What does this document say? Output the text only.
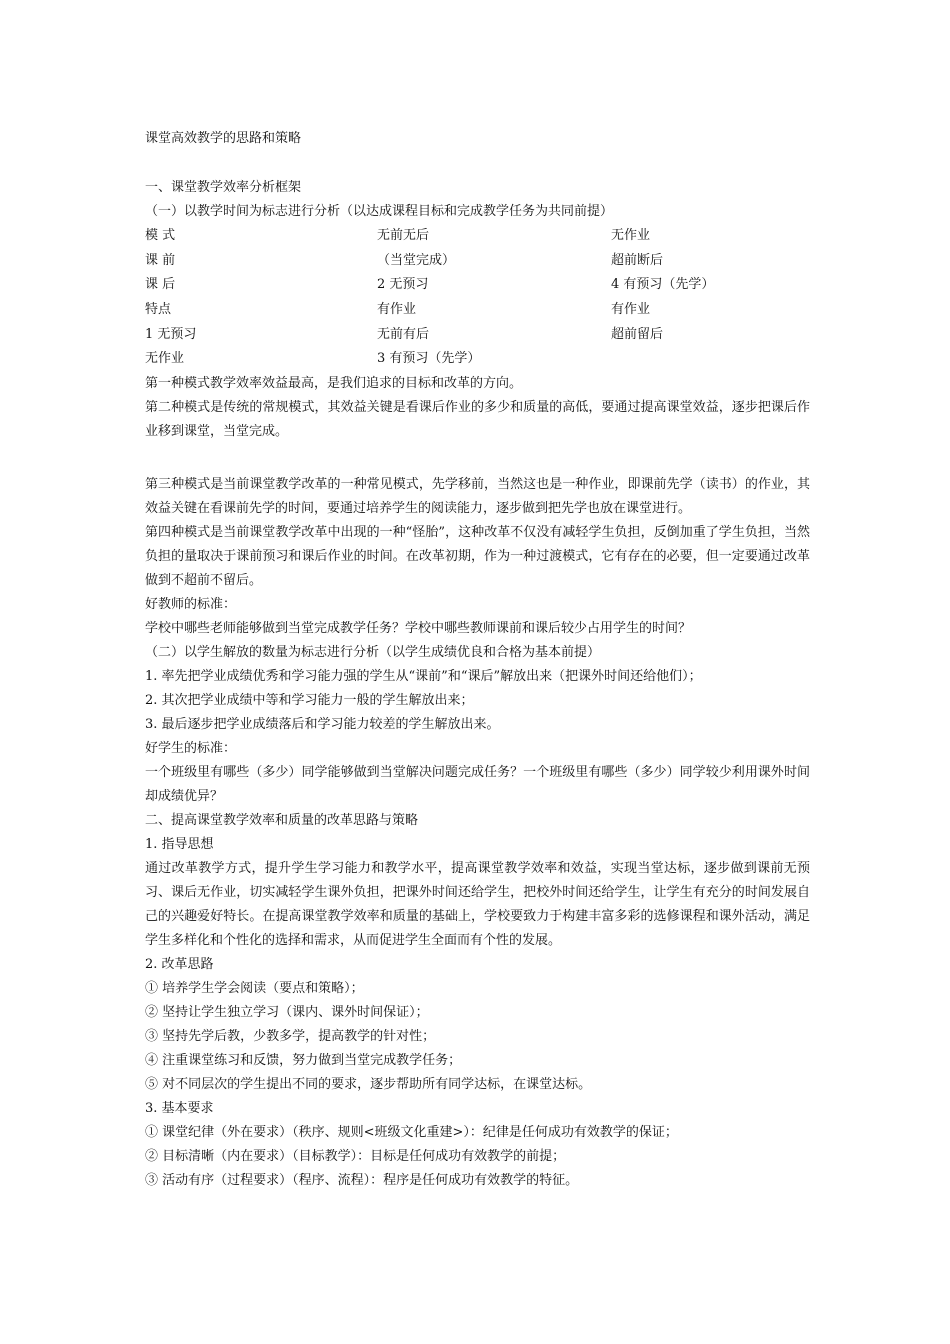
课堂高效教学的思路和策略
一、课堂教学效率分析框架
（一）以教学时间为标志进行分析（以达成课程目标和完成教学任务为共同前提）
模 式	无前无后	无作业
课 前	（当堂完成）	超前断后
课 后	2 无预习	4 有预习（先学）
特点	有作业	有作业
1 无预习	无前有后	超前留后
无作业	3 有预习（先学）
第一种模式教学效率效益最高，是我们追求的目标和改革的方向。
第二种模式是传统的常规模式，其效益关键是看课后作业的多少和质量的高低，要通过提高课堂效益，逐步把课后作业移到课堂，当堂完成。
第三种模式是当前课堂教学改革的一种常见模式，先学移前，当然这也是一种作业，即课前先学（读书）的作业，其效益关键在看课前先学的时间，要通过培养学生的阅读能力，逐步做到把先学也放在课堂进行。
第四种模式是当前课堂教学改革中出现的一种“怪胎”，这种改革不仅没有减轻学生负担，反倒加重了学生负担，当然负担的量取决于课前预习和课后作业的时间。在改革初期，作为一种过渡模式，它有存在的必要，但一定要通过改革做到不超前不留后。
好教师的标准：
学校中哪些老师能够做到当堂完成教学任务？学校中哪些教师课前和课后较少占用学生的时间？
（二）以学生解放的数量为标志进行分析（以学生成绩优良和合格为基本前提）
1. 率先把学业成绩优秀和学习能力强的学生从“课前”和“课后”解放出来（把课外时间还给他们）；
2. 其次把学业成绩中等和学习能力一般的学生解放出来；
3. 最后逐步把学业成绩落后和学习能力较差的学生解放出来。
好学生的标准：
一个班级里有哪些（多少）同学能够做到当堂解决问题完成任务？一个班级里有哪些（多少）同学较少利用课外时间却成绩优异？
二、提高课堂教学效率和质量的改革思路与策略
1. 指导思想
通过改革教学方式，提升学生学习能力和教学水平，提高课堂教学效率和效益，实现当堂达标，逐步做到课前无预习、课后无作业，切实减轻学生课外负担，把课外时间还给学生，把校外时间还给学生，让学生有充分的时间发展自己的兴趣爱好特长。在提高课堂教学效率和质量的基础上，学校要致力于构建丰富多彩的选修课程和课外活动，满足学生多样化和个性化的选择和需求，从而促进学生全面而有个性的发展。
2. 改革思路
① 培养学生学会阅读（要点和策略）；
② 坚持让学生独立学习（课内、课外时间保证）；
③ 坚持先学后教，少教多学，提高教学的针对性；
④ 注重课堂练习和反馈，努力做到当堂完成教学任务；
⑤ 对不同层次的学生提出不同的要求，逐步帮助所有同学达标，在课堂达标。
3. 基本要求
① 课堂纪律（外在要求）（秩序、规则<班级文化重建>）：纪律是任何成功有效教学的保证；
② 目标清晰（内在要求）（目标教学）：目标是任何成功有效教学的前提；
③ 活动有序（过程要求）（程序、流程）：程序是任何成功有效教学的特征。
